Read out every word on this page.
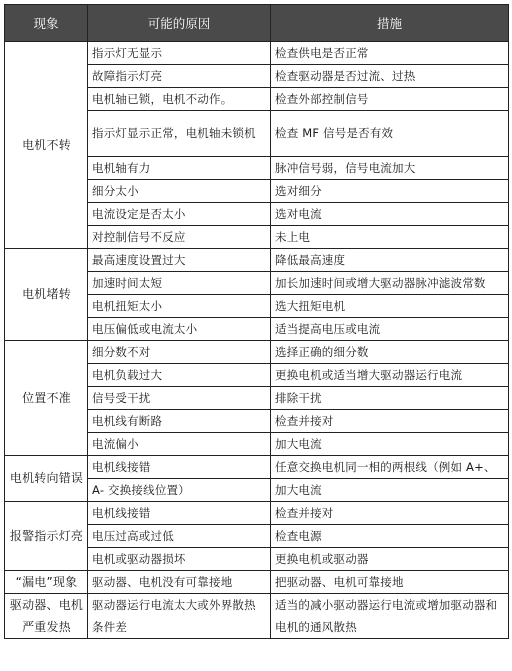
现象	可能的原因	措施
电机不转	指示灯无显示	检查供电是否正常
	故障指示灯亮	检查驱动器是否过流、过热
	电机轴已锁，电机不动作。	检查外部控制信号
	指示灯显示正常，电机轴未锁机	检查 MF 信号是否有效
	电机轴有力	脉冲信号弱，信号电流加大
	细分太小	选对细分
	电流设定是否太小	选对电流
	对控制信号不反应	未上电
电机堵转	最高速度设置过大	降低最高速度
	加速时间太短	加长加速时间或增大驱动器脉冲滤波常数
	电机扭矩太小	选大扭矩电机
	电压偏低或电流太小	适当提高电压或电流
位置不准	细分数不对	选择正确的细分数
	电机负载过大	更换电机或适当增大驱动器运行电流
	信号受干扰	排除干扰
	电机线有断路	检查并接对
	电流偏小	加大电流
电机转向错误	电机线接错	任意交换电机同一相的两根线（例如 A+、
	A- 交换接线位置）	加大电流
报警指示灯亮	电机线接错	检查并接对
	电压过高或过低	检查电源
	电机或驱动器损坏	更换电机或驱动器
“漏电”现象	驱动器、电机没有可靠接地	把驱动器、电机可靠接地
驱动器、电机严重发热	驱动器运行电流太大或外界散热条件差	适当的减小驱动器运行电流或增加驱动器和电机的通风散热
